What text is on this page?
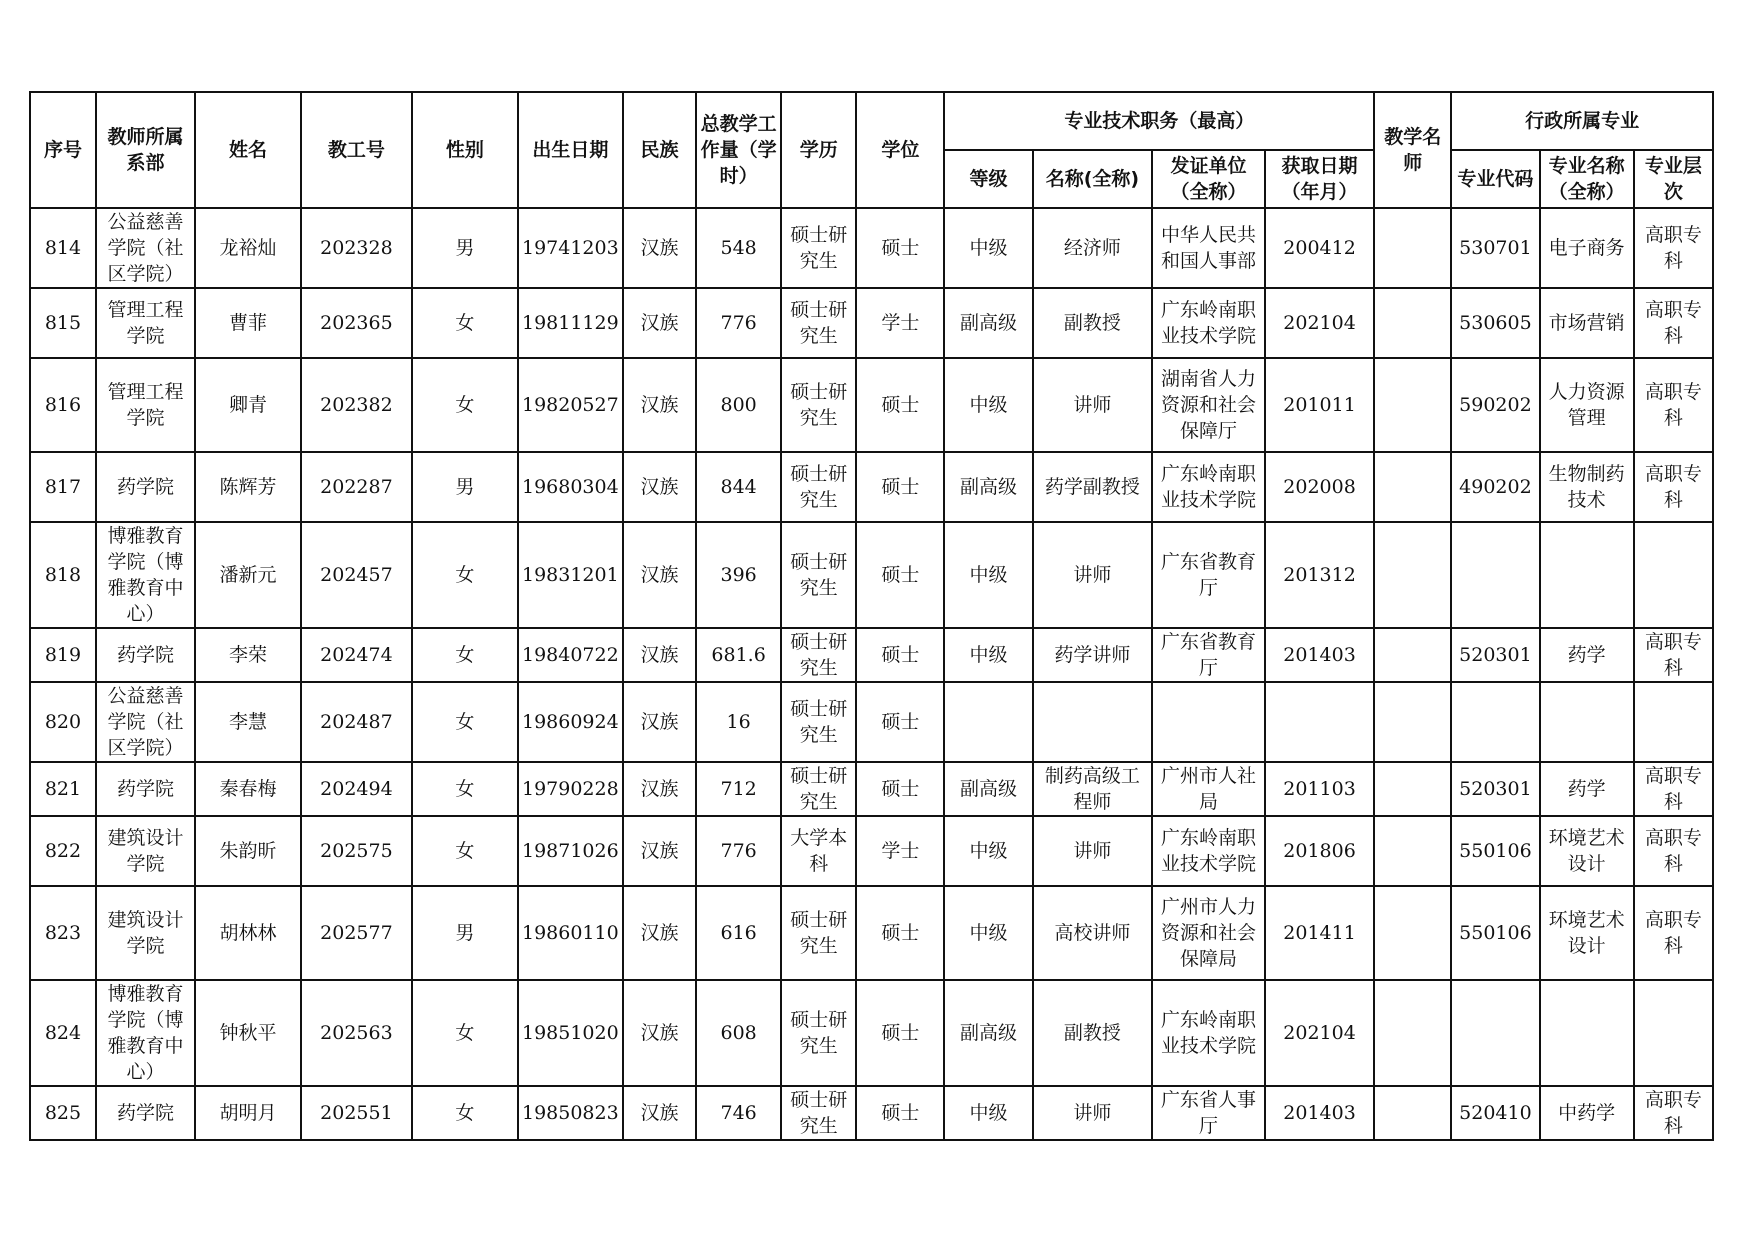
序号	教师所属系部	姓名	教工号	性别	出生日期	民族	总教学工作量（学时）	学历	学位	专业技术职务（最高）				教学名师	行政所属专业		
										等级	名称(全称)	发证单位（全称）	获取日期（年月）		专业代码	专业名称（全称）	专业层次
814	公益慈善学院（社区学院）	龙裕灿	202328	男	19741203	汉族	548	硕士研究生	硕士	中级	经济师	中华人民共和国人事部	200412		530701	电子商务	高职专科
815	管理工程学院	曹菲	202365	女	19811129	汉族	776	硕士研究生	学士	副高级	副教授	广东岭南职业技术学院	202104		530605	市场营销	高职专科
816	管理工程学院	卿青	202382	女	19820527	汉族	800	硕士研究生	硕士	中级	讲师	湖南省人力资源和社会保障厅	201011		590202	人力资源管理	高职专科
817	药学院	陈辉芳	202287	男	19680304	汉族	844	硕士研究生	硕士	副高级	药学副教授	广东岭南职业技术学院	202008		490202	生物制药技术	高职专科
818	博雅教育学院（博雅教育中心）	潘新元	202457	女	19831201	汉族	396	硕士研究生	硕士	中级	讲师	广东省教育厅	201312				
819	药学院	李荣	202474	女	19840722	汉族	681.6	硕士研究生	硕士	中级	药学讲师	广东省教育厅	201403		520301	药学	高职专科
820	公益慈善学院（社区学院）	李慧	202487	女	19860924	汉族	16	硕士研究生	硕士								
821	药学院	秦春梅	202494	女	19790228	汉族	712	硕士研究生	硕士	副高级	制药高级工程师	广州市人社局	201103		520301	药学	高职专科
822	建筑设计学院	朱韵昕	202575	女	19871026	汉族	776	大学本科	学士	中级	讲师	广东岭南职业技术学院	201806		550106	环境艺术设计	高职专科
823	建筑设计学院	胡林林	202577	男	19860110	汉族	616	硕士研究生	硕士	中级	高校讲师	广州市人力资源和社会保障局	201411		550106	环境艺术设计	高职专科
824	博雅教育学院（博雅教育中心）	钟秋平	202563	女	19851020	汉族	608	硕士研究生	硕士	副高级	副教授	广东岭南职业技术学院	202104				
825	药学院	胡明月	202551	女	19850823	汉族	746	硕士研究生	硕士	中级	讲师	广东省人事厅	201403		520410	中药学	高职专科
